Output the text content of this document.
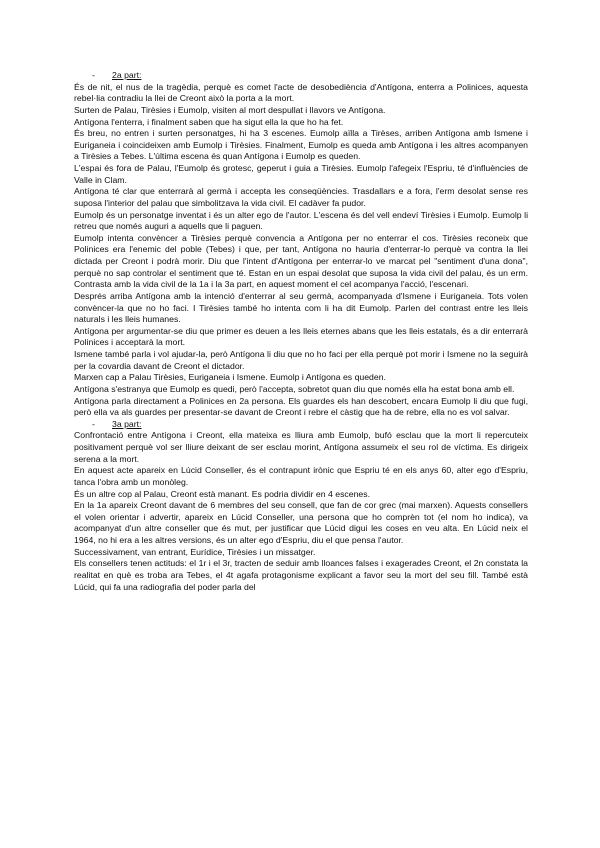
- 2a part:

És de nit, el nus de la tragèdia, perquè es comet l'acte de desobediència d'Antígona, enterra a Polinices, aquesta rebel·lia contradiu la llei de Creont això la porta a la mort.

Surten de Palau, Tirèsies i Eumolp, visiten al mort despullat i llavors ve Antígona.

Antígona l'enterra, i finalment saben que ha sigut ella la que ho ha fet.

És breu, no entren i surten personatges, hi ha 3 escenes. Eumolp aïlla a Tirèses, arriben Antígona amb Ismene i Euriganeia i coincideixen amb Eumolp i Tirèsies. Finalment, Eumolp es queda amb Antígona i les altres acompanyen a Tirèsies a Tebes. L'última escena és quan Antígona i Eumolp es queden.

L'espai és fora de Palau, l'Eumolp és grotesc, geperut i guia a Tirèsies. Eumolp l'afegeix l'Espriu, té d'influències de Valle in Clam.

Antígona té clar que enterrarà al germà i accepta les conseqüències. Trasdallars e a fora, l'erm desolat sense res suposa l'interior del palau que simbolitzava la vida civil. El cadàver fa pudor.

Eumolp és un personatge inventat i és un alter ego de l'autor. L'escena és del vell endeví Tirèsies i Eumolp. Eumolp li retreu que només auguri a aquells que li paguen.

Eumolp intenta convèncer a Tirèsies perquè convencia a Antígona per no enterrar el cos. Tirèsies reconeix que Polinices era l'enemic del poble (Tebes) i que, per tant, Antígona no hauria d'enterrar-lo perquè va contra la llei dictada per Creont i podrà morir. Diu que l'intent d'Antígona per enterrar-lo ve marcat pel "sentiment d'una dona", perquè no sap controlar el sentiment que té. Estan en un espai desolat que suposa la vida civil del palau, és un erm. Contrasta amb la vida civil de la 1a i la 3a part, en aquest moment el cel acompanya l'acció, l'escenari.

Després arriba Antígona amb la intenció d'enterrar al seu germà, acompanyada d'Ismene i Euriganeia. Tots volen convèncer-la que no ho faci. I Tirèsies també ho intenta com li ha dit Eumolp. Parlen del contrast entre les lleis naturals i les lleis humanes.

Antígona per argumentar-se diu que primer es deuen a les lleis eternes abans que les lleis estatals, és a dir enterrarà Polinices i acceptarà la mort.

Ismene també parla i vol ajudar-la, però Antígona li diu que no ho faci per ella perquè pot morir i Ismene no la seguirà per la covardia davant de Creont el dictador.

Marxen cap a Palau Tirèsies, Euriganeia i Ismene. Eumolp i Antígona es queden.

Antígona s'estranya que Eumolp es quedi, però l'accepta, sobretot quan diu que només ella ha estat bona amb ell.

Antígona parla directament a Polinices en 2a persona. Els guardes els han descobert, encara Eumolp li diu que fugi, però ella va als guardes per presentar-se davant de Creont i rebre el càstig que ha de rebre, ella no es vol salvar.

- 3a part:

Confrontació entre Antígona i Creont, ella mateixa es lliura amb Eumolp, bufó esclau que la mort li repercuteix positivament perquè vol ser lliure deixant de ser esclau morint, Antígona assumeix el seu rol de víctima. Es dirigeix serena a la mort.

En aquest acte apareix en Lúcid Conseller, és el contrapunt irònic que Espriu té en els anys 60, alter ego d'Espriu, tanca l'obra amb un monòleg.

És un altre cop al Palau, Creont està manant. Es podria dividir en 4 escenes.

En la 1a apareix Creont davant de 6 membres del seu consell, que fan de cor grec (mai marxen). Aquests consellers el volen orientar i advertir, apareix en Lúcid Conseller, una persona que ho comprèn tot (el nom ho indica), va acompanyat d'un altre conseller que és mut, per justificar que Lúcid digui les coses en veu alta. En Lúcid neix el 1964, no hi era a les altres versions, és un alter ego d'Espriu, diu el que pensa l'autor.

Successivament, van entrant, Eurídice, Tirèsies i un missatger.

Els consellers tenen actituds: el 1r i el 3r, tracten de seduir amb lloances falses i exagerades Creont, el 2n constata la realitat en què es troba ara Tebes, el 4t agafa protagonisme explicant a favor seu la mort del seu fill. També està Lúcid, qui fa una radiografia del poder parla del
